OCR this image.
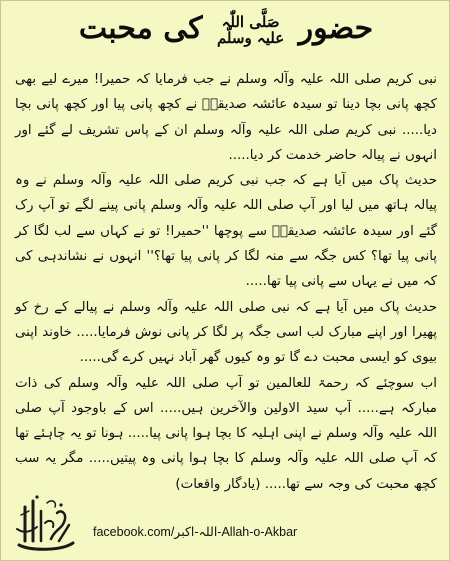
حضور
صَلَّی اللّٰہ
علیہ وسلّم
کی محبت

نبی کریم صلی اللہ علیہ وآلہ وسلم نے جب فرمایا کہ حمیرا! میرے لیے بھی کچھ پانی بچا دینا تو سیدہ عائشہ صدیقہؓ نے کچھ پانی پیا اور کچھ پانی بچا دیا..... نبی کریم صلی اللہ علیہ وآلہ وسلم ان کے پاس تشریف لے گئے اور انہوں نے پیالہ حاضر خدمت کر دیا.....

حدیث پاک میں آیا ہے کہ جب نبی کریم صلی اللہ علیہ وآلہ وسلم نے وہ پیالہ ہاتھ میں لیا اور آپ صلی اللہ علیہ وآلہ وسلم پانی پینے لگے تو آپ رک گئے اور سیدہ عائشہ صدیقہؓ سے پوچھا ''حمیرا! تو نے کہاں سے لب لگا کر پانی پیا تھا؟ کس جگہ سے منہ لگا کر پانی پیا تھا؟'' انہوں نے نشاندہی کی کہ میں نے یہاں سے پانی پیا تھا.....

حدیث پاک میں آیا ہے کہ نبی صلی اللہ علیہ وآلہ وسلم نے پیالے کے رخ کو پھیرا اور اپنے مبارک لب اسی جگہ پر لگا کر پانی نوش فرمایا..... خاوند اپنی بیوی کو ایسی محبت دے گا تو وہ کیوں گھر آباد نہیں کرے گی.....

اب سوچئے کہ رحمۃ للعالمین تو آپ صلی اللہ علیہ وآلہ وسلم کی ذات مبارکہ ہے..... آپ سید الاولین والآخرین ہیں..... اس کے باوجود آپ صلی اللہ علیہ وآلہ وسلم نے اپنی اہلیہ کا بچا ہوا پانی پیا..... ہونا تو یہ چاہئے تھا کہ آپ صلی اللہ علیہ وآلہ وسلم کا بچا ہوا پانی وہ پیتیں..... مگر یہ سب کچھ محبت کی وجہ سے تھا..... (یادگار واقعات)

facebook.com/اللہ-اکبر-Allah-o-Akbar
